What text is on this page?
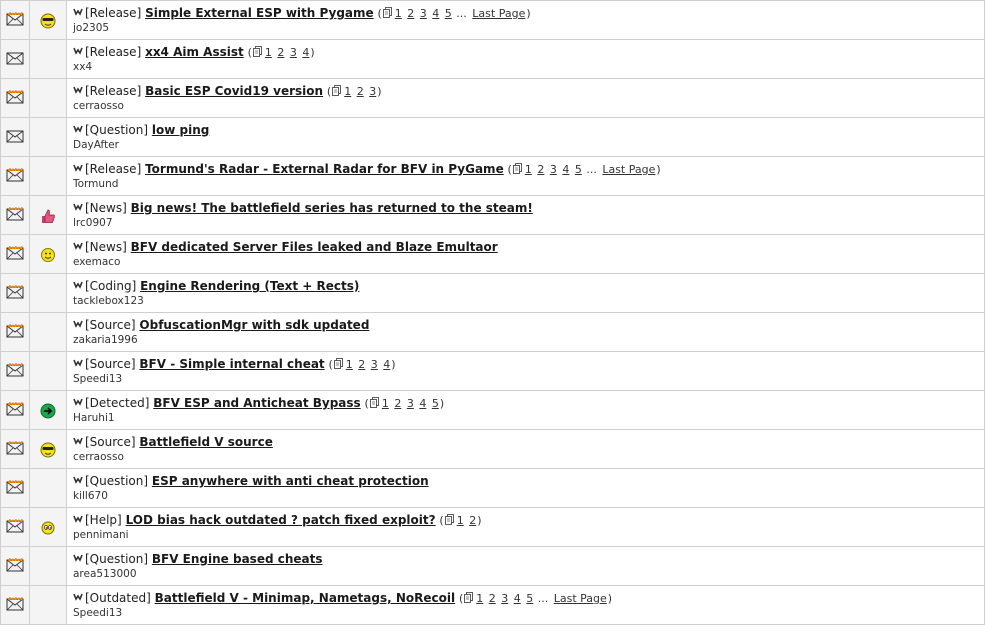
[Release] Simple External ESP with Pygame ( 1 2 3 4 5 ... Last Page)
jo2305

[Release] xx4 Aim Assist ( 1 2 3 4)
xx4

[Release] Basic ESP Covid19 version ( 1 2 3)
cerraosso

[Question] low ping
DayAfter

[Release] Tormund's Radar - External Radar for BFV in PyGame ( 1 2 3 4 5 ... Last Page)
Tormund

[News] Big news! The battlefield series has returned to the steam!
lrc0907

[News] BFV dedicated Server Files leaked and Blaze Emultaor
exemaco

[Coding] Engine Rendering (Text + Rects)
tacklebox123

[Source] ObfuscationMgr with sdk updated
zakaria1996

[Source] BFV - Simple internal cheat ( 1 2 3 4)
Speedi13

[Detected] BFV ESP and Anticheat Bypass ( 1 2 3 4 5)
Haruhi1

[Source] Battlefield V source
cerraosso

[Question] ESP anywhere with anti cheat protection
kill670

[Help] LOD bias hack outdated ? patch fixed exploit? ( 1 2)
pennimani

[Question] BFV Engine based cheats
area513000

[Outdated] Battlefield V - Minimap, Nametags, NoRecoil ( 1 2 3 4 5 ... Last Page)
Speedi13
